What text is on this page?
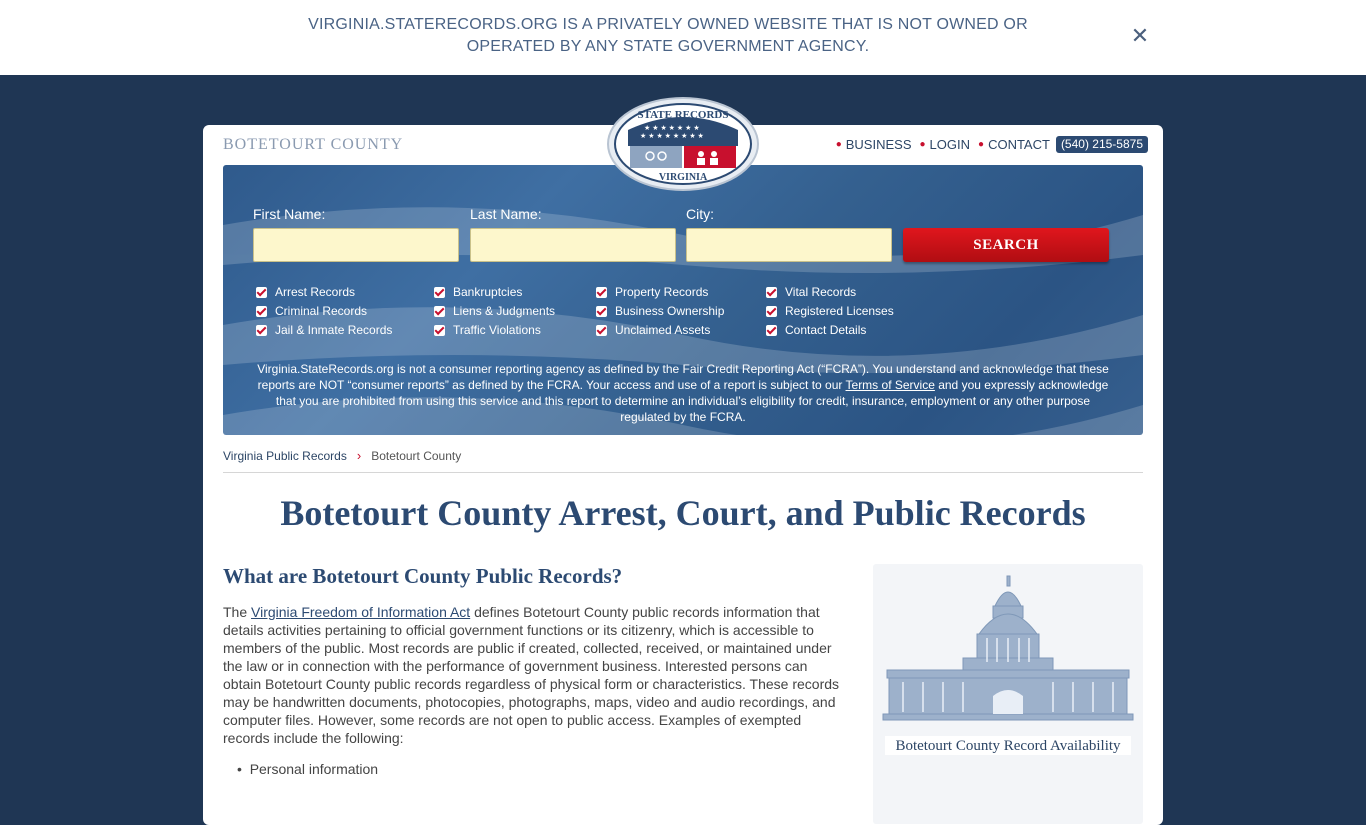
VIRGINIA.STATERECORDS.ORG IS A PRIVATELY OWNED WEBSITE THAT IS NOT OWNED OR
OPERATED BY ANY STATE GOVERNMENT AGENCY.	✕
★ ★ ★ ★ ★ ★ ★ ★
★ ★ ★ ★ ★ ★ ★
STATE RECORDS
VIRGINIA
BOTETOURT COUNTY	● BUSINESS ● LOGIN ● CONTACT (540) 215-5875
First Name:	Last Name:	City:
SEARCH
Arrest Records
Criminal Records
Jail & Inmate Records
Bankruptcies
Liens & Judgments
Traffic Violations
Property Records
Business Ownership
Unclaimed Assets
Vital Records
Registered Licenses
Contact Details
Virginia.StateRecords.org is not a consumer reporting agency as defined by the Fair Credit Reporting Act (“FCRA”). You understand and acknowledge that these reports are NOT “consumer reports” as defined by the FCRA. Your access and use of a report is subject to our Terms of Service and you expressly acknowledge that you are prohibited from using this service and this report to determine an individual’s eligibility for credit, insurance, employment or any other purpose regulated by the FCRA.
Virginia Public Records › Botetourt County
Botetourt County Arrest, Court, and Public Records
What are Botetourt County Public Records?

The Virginia Freedom of Information Act defines Botetourt County public records information that details activities pertaining to official government functions or its citizenry, which is accessible to members of the public. Most records are public if created, collected, received, or maintained under the law or in connection with the performance of government business. Interested persons can obtain Botetourt County public records regardless of physical form or characteristics. These records may be handwritten documents, photocopies, photographs, maps, video and audio recordings, and computer files. However, some records are not open to public access. Examples of exempted records include the following:

•  Personal information
Botetourt County Record Availability
